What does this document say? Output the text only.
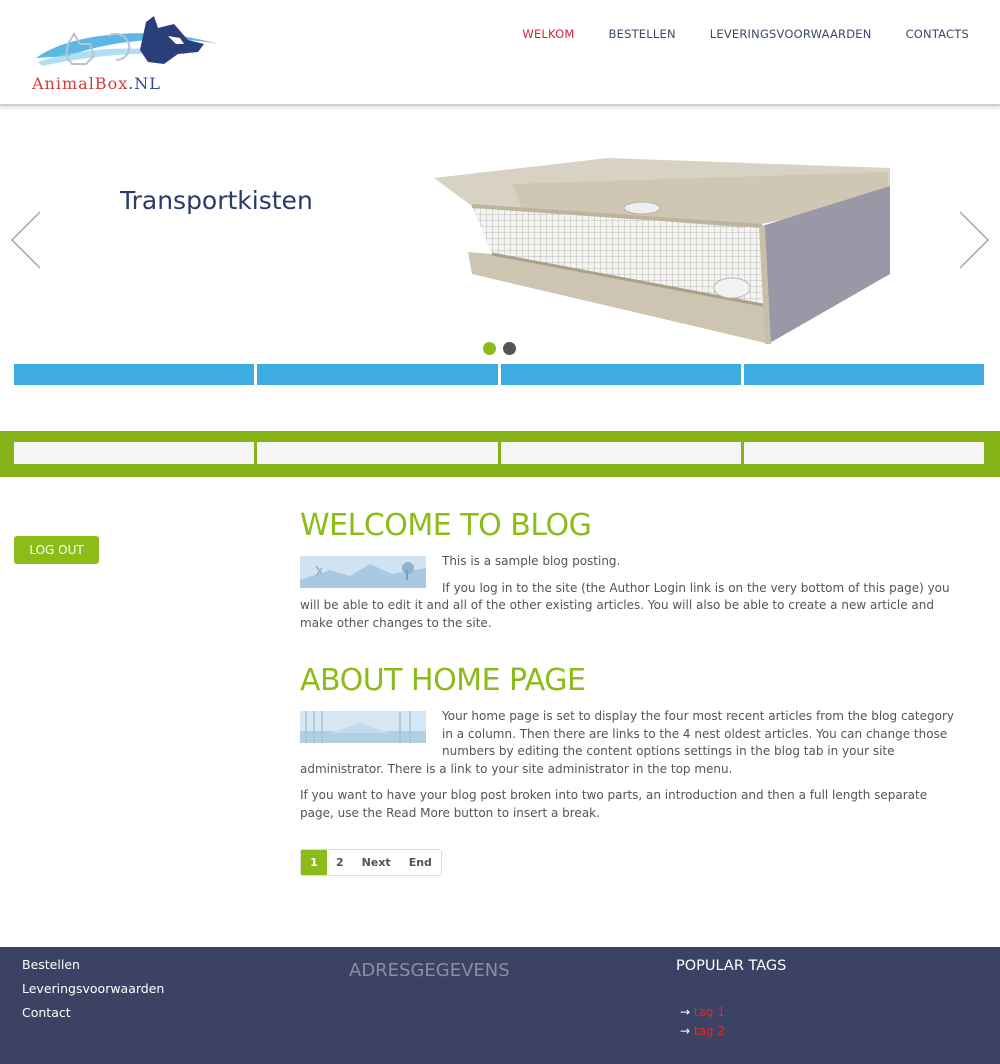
AnimalBox.NL
WELKOM	BESTELLEN	LEVERINGSVOORWAARDEN	CONTACTS
Transportkisten
LOG OUT
WELCOME TO BLOG

This is a sample blog posting.

If you log in to the site (the Author Login link is on the very bottom of this page) you will be able to edit it and all of the other existing articles. You will also be able to create a new article and make other changes to the site.

ABOUT HOME PAGE

Your home page is set to display the four most recent articles from the blog category in a column. Then there are links to the 4 nest oldest articles. You can change those numbers by editing the content options settings in the blog tab in your site administrator. There is a link to your site administrator in the top menu.

If you want to have your blog post broken into two parts, an introduction and then a full length separate page, use the Read More button to insert a break.

1	2	Next	End
Bestellen
Leveringsvoorwaarden
Contact
ADRESGEGEVENS	POPULAR TAGS
→ tag 1
→ tag 2
